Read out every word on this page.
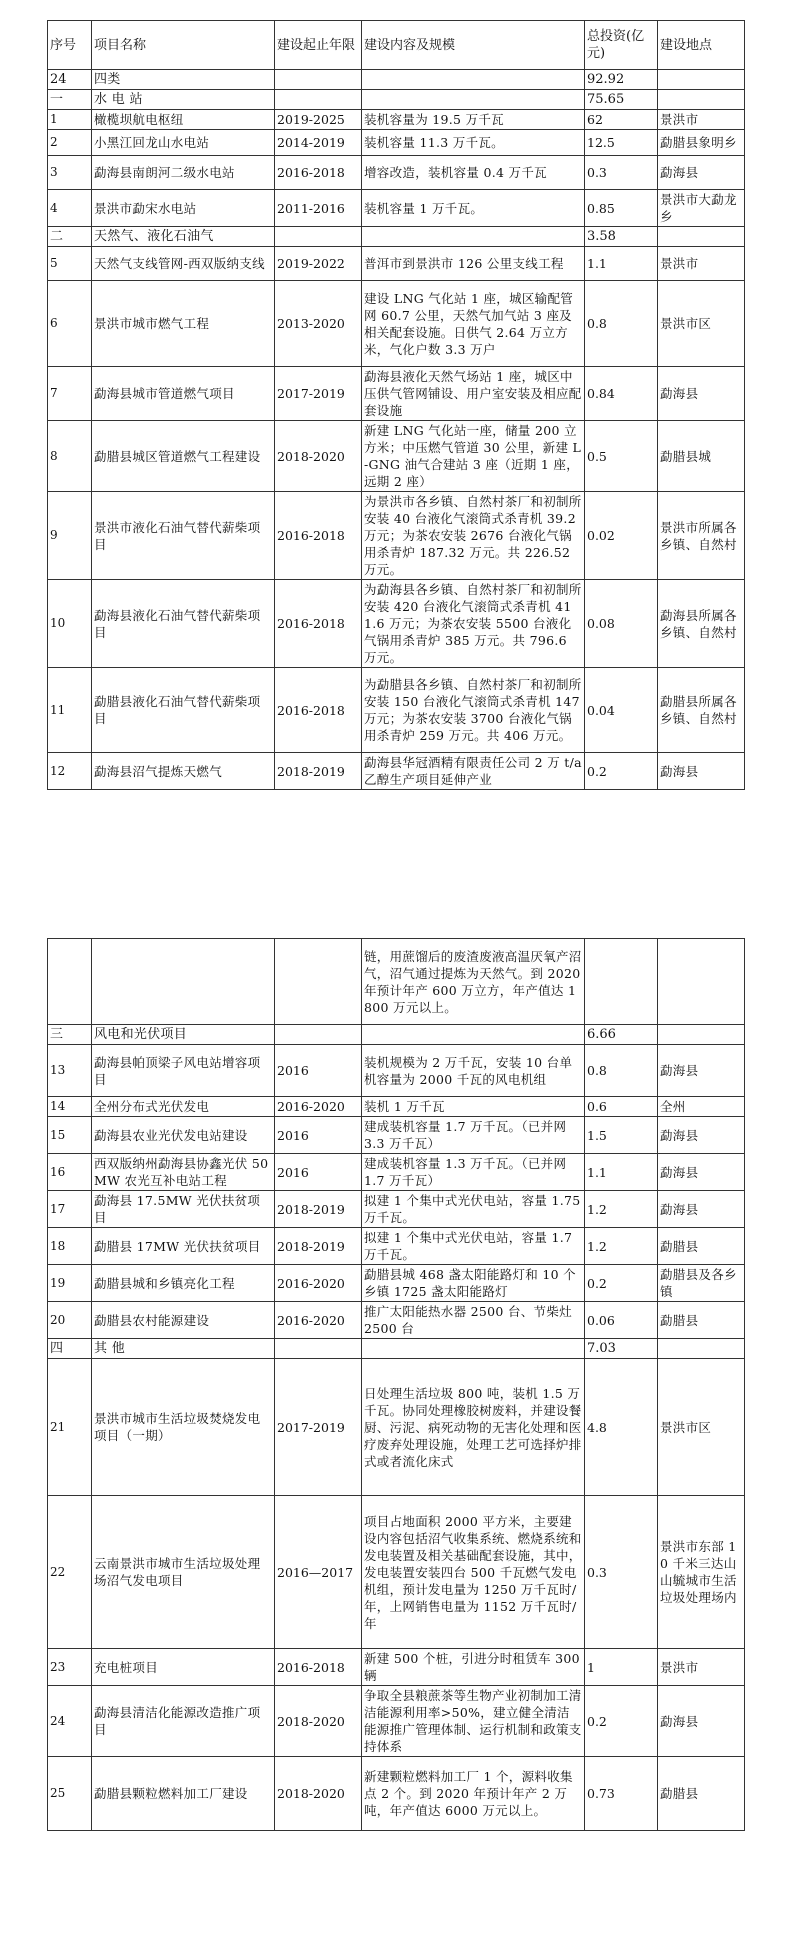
序号	项目名称	建设起止年限	建设内容及规模	总投资(亿元)	建设地点
24	四类			92.92	
一	水 电 站			75.65	
1	橄榄坝航电枢纽	2019-2025	装机容量为 19.5 万千瓦	62	景洪市
2	小黑江回龙山水电站	2014-2019	装机容量 11.3 万千瓦。	12.5	勐腊县象明乡
3	勐海县南朗河二级水电站	2016-2018	增容改造，装机容量 0.4 万千瓦	0.3	勐海县
4	景洪市勐宋水电站	2011-2016	装机容量 1 万千瓦。	0.85	景洪市大勐龙乡
二	天然气、液化石油气			3.58	
5	天然气支线管网-西双版纳支线	2019-2022	普洱市到景洪市 126 公里支线工程	1.1	景洪市
6	景洪市城市燃气工程	2013-2020	建设 LNG 气化站 1 座，城区输配管网 60.7 公里，天然气加气站 3 座及相关配套设施。日供气 2.64 万立方米，气化户数 3.3 万户	0.8	景洪市区
7	勐海县城市管道燃气项目	2017-2019	勐海县液化天然气场站 1 座，城区中压供气管网铺设、用户室安装及相应配套设施	0.84	勐海县
8	勐腊县城区管道燃气工程建设	2018-2020	新建 LNG 气化站一座，储量 200 立方米；中压燃气管道 30 公里，新建 L-GNG 油气合建站 3 座（近期 1 座，远期 2 座）	0.5	勐腊县城
9	景洪市液化石油气替代薪柴项目	2016-2018	为景洪市各乡镇、自然村茶厂和初制所安装 40 台液化气滚筒式杀青机 39.2 万元；为茶农安装 2676 台液化气锅用杀青炉 187.32 万元。共 226.52 万元。	0.02	景洪市所属各乡镇、自然村
10	勐海县液化石油气替代薪柴项目	2016-2018	为勐海县各乡镇、自然村茶厂和初制所安装 420 台液化气滚筒式杀青机 411.6 万元；为茶农安装 5500 台液化气锅用杀青炉 385 万元。共 796.6 万元。	0.08	勐海县所属各乡镇、自然村
11	勐腊县液化石油气替代薪柴项目	2016-2018	为勐腊县各乡镇、自然村茶厂和初制所安装 150 台液化气滚筒式杀青机 147 万元；为茶农安装 3700 台液化气锅用杀青炉 259 万元。共 406 万元。	0.04	勐腊县所属各乡镇、自然村
12	勐海县沼气提炼天燃气	2018-2019	勐海县华冠酒精有限责任公司 2 万 t/a 乙醇生产项目延伸产业	0.2	勐海县
			链，用蔗馏后的废渣废液高温厌氧产沼气，沼气通过提炼为天然气。到 2020 年预计年产 600 万立方，年产值达 1800 万元以上。		
三	风电和光伏项目			6.66	
13	勐海县帕顶梁子风电站增容项目	2016	装机规模为 2 万千瓦，安装 10 台单机容量为 2000 千瓦的风电机组	0.8	勐海县
14	全州分布式光伏发电	2016-2020	装机 1 万千瓦	0.6	全州
15	勐海县农业光伏发电站建设	2016	建成装机容量 1.7 万千瓦。（已并网 3.3 万千瓦）	1.5	勐海县
16	西双版纳州勐海县协鑫光伏 50MW 农光互补电站工程	2016	建成装机容量 1.3 万千瓦。（已并网 1.7 万千瓦）	1.1	勐海县
17	勐海县 17.5MW 光伏扶贫项目	2018-2019	拟建 1 个集中式光伏电站，容量 1.75 万千瓦。	1.2	勐海县
18	勐腊县 17MW 光伏扶贫项目	2018-2019	拟建 1 个集中式光伏电站，容量 1.7 万千瓦。	1.2	勐腊县
19	勐腊县城和乡镇亮化工程	2016-2020	勐腊县城 468 盏太阳能路灯和 10 个乡镇 1725 盏太阳能路灯	0.2	勐腊县及各乡镇
20	勐腊县农村能源建设	2016-2020	推广太阳能热水器 2500 台、节柴灶 2500 台	0.06	勐腊县
四	其 他			7.03	
21	景洪市城市生活垃圾焚烧发电项目（一期）	2017-2019	日处理生活垃圾 800 吨，装机 1.5 万千瓦。协同处理橡胶树废料，并建设餐厨、污泥、病死动物的无害化处理和医疗废弃处理设施，处理工艺可选择炉排式或者流化床式	4.8	景洪市区
22	云南景洪市城市生活垃圾处理场沼气发电项目	2016—2017	项目占地面积 2000 平方米，主要建设内容包括沼气收集系统、燃烧系统和发电装置及相关基础配套设施，其中，发电装置安装四台 500 千瓦燃气发电机组，预计发电量为 1250 万千瓦时/年，上网销售电量为 1152 万千瓦时/年	0.3	景洪市东部 10 千米三达山山毓城市生活垃圾处理场内
23	充电桩项目	2016-2018	新建 500 个桩，引进分时租赁车 300 辆	1	景洪市
24	勐海县清洁化能源改造推广项目	2018-2020	争取全县粮蔗茶等生物产业初制加工清洁能源利用率>50%，建立健全清洁能源推广管理体制、运行机制和政策支持体系	0.2	勐海县
25	勐腊县颗粒燃料加工厂建设	2018-2020	新建颗粒燃料加工厂 1 个，源料收集点 2 个。到 2020 年预计年产 2 万吨，年产值达 6000 万元以上。	0.73	勐腊县
